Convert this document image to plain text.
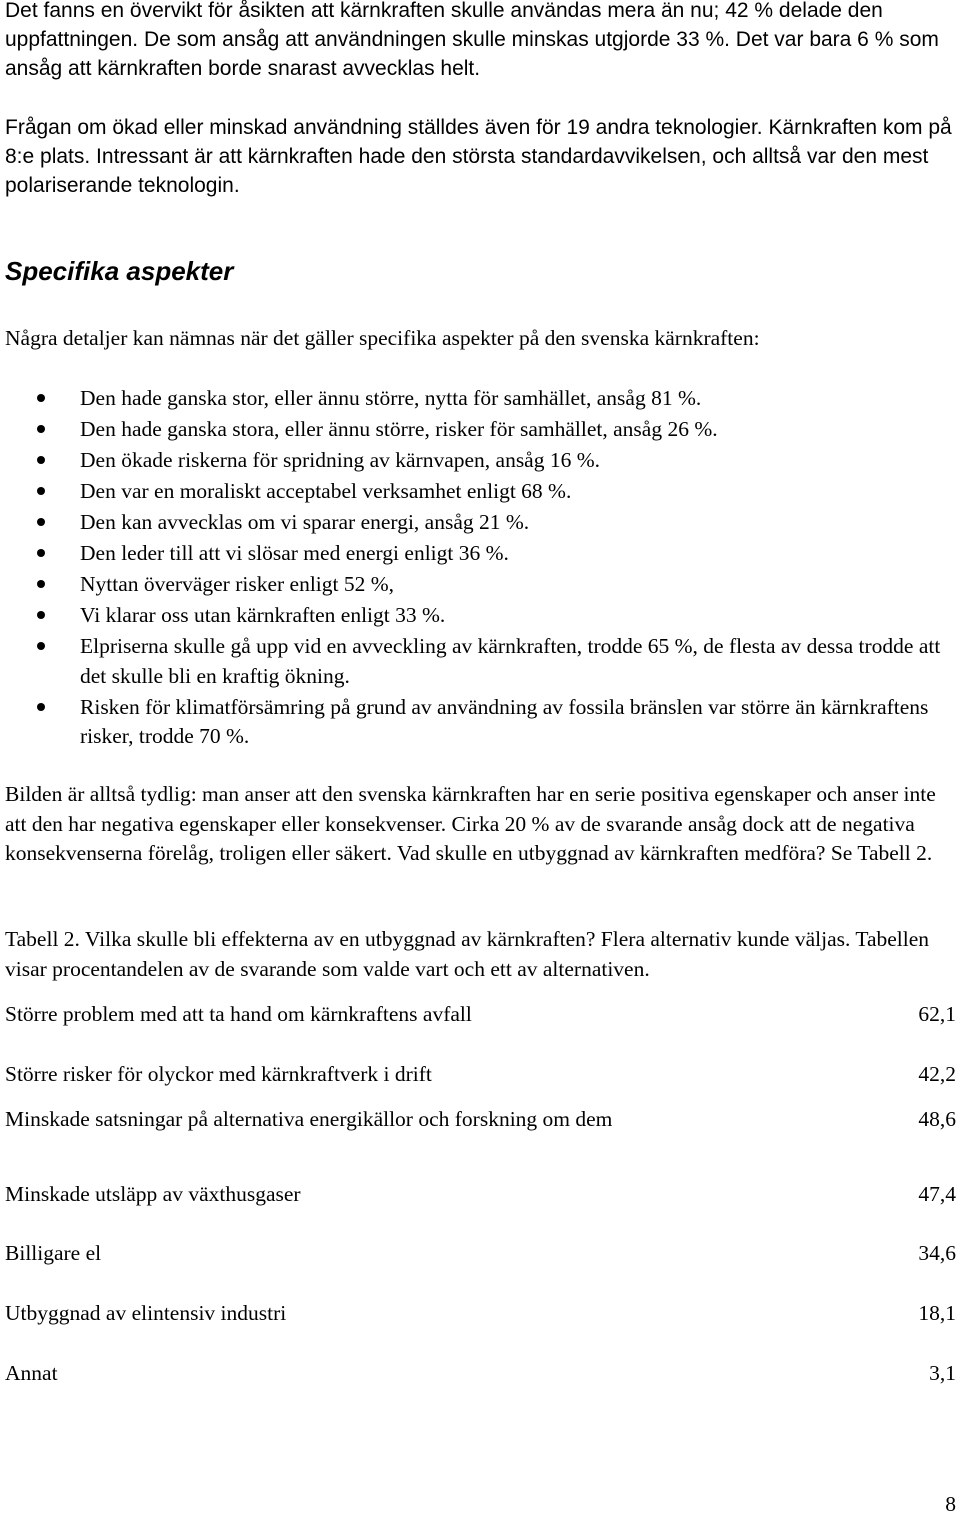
Det fanns en övervikt för åsikten att kärnkraften skulle användas mera än nu; 42 % delade den uppfattningen. De som ansåg att användningen skulle minskas utgjorde 33 %. Det var bara 6 % som ansåg att kärnkraften borde snarast avvecklas helt.

Frågan om ökad eller minskad användning ställdes även för 19 andra teknologier. Kärnkraften kom på 8:e plats. Intressant är att kärnkraften hade den största standardavvikelsen, och alltså var den mest polariserande teknologin.

Specifika aspekter
Några detaljer kan nämnas när det gäller specifika aspekter på den svenska kärnkraften:
Den hade ganska stor, eller ännu större, nytta för samhället, ansåg 81 %.
Den hade ganska stora, eller ännu större, risker för samhället, ansåg 26 %.
Den ökade riskerna för spridning av kärnvapen, ansåg 16 %.
Den var en moraliskt acceptabel verksamhet enligt 68 %.
Den kan avvecklas om vi sparar energi, ansåg 21 %.
Den leder till att vi slösar med energi enligt 36 %.
Nyttan överväger risker enligt 52 %,
Vi klarar oss utan kärnkraften enligt 33 %.
Elpriserna skulle gå upp vid en avveckling av kärnkraften, trodde 65 %, de flesta av dessa trodde att det skulle bli en kraftig ökning.
Risken för klimatförsämring på grund av användning av fossila bränslen var större än kärnkraftens risker, trodde 70 %.
Bilden är alltså tydlig: man anser att den svenska kärnkraften har en serie positiva egenskaper och anser inte att den har negativa egenskaper eller konsekvenser. Cirka 20 % av de svarande ansåg dock att de negativa konsekvenserna förelåg, troligen eller säkert. Vad skulle en utbyggnad av kärnkraften medföra? Se Tabell 2.
Tabell 2. Vilka skulle bli effekterna av en utbyggnad av kärnkraften? Flera alternativ kunde väljas. Tabellen visar procentandelen av de svarande som valde vart och ett av alternativen.
Större problem med att ta hand om kärnkraftens avfall	62,1
Större risker för olyckor med kärnkraftverk i drift	42,2
Minskade satsningar på alternativa energikällor och forskning om dem	48,6
Minskade utsläpp av växthusgaser	47,4
Billigare el	34,6
Utbyggnad av elintensiv industri	18,1
Annat	3,1
8
